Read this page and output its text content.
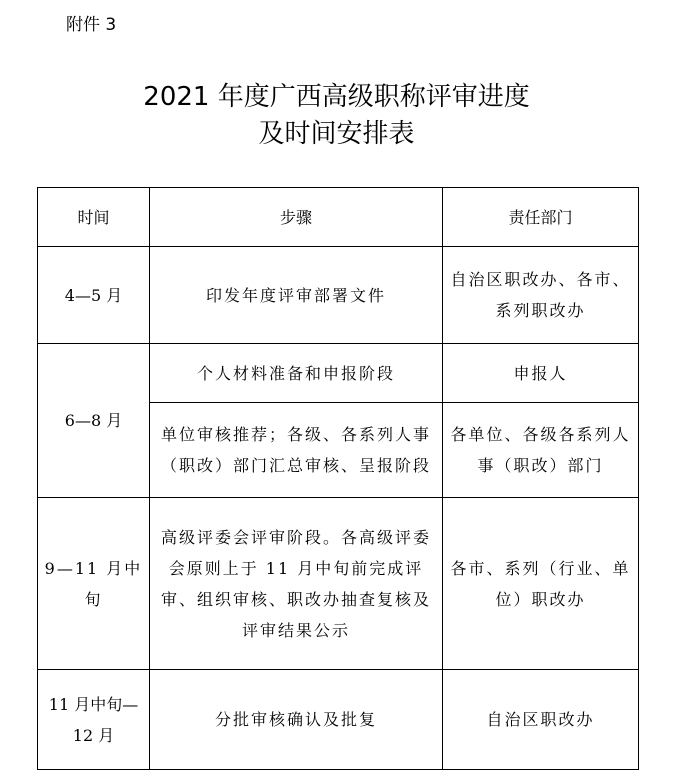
附件 3
2021 年度广西高级职称评审进度
及时间安排表
时间	步骤	责任部门
4—5 月	印发年度评审部署文件	自治区职改办、各市、系列职改办
6—8 月	个人材料准备和申报阶段	申报人
	单位审核推荐；各级、各系列人事（职改）部门汇总审核、呈报阶段	各单位、各级各系列人事（职改）部门
9—11 月中旬	高级评委会评审阶段。各高级评委会原则上于 11 月中旬前完成评审、组织审核、职改办抽查复核及评审结果公示	各市、系列（行业、单位）职改办
11 月中旬—12 月	分批审核确认及批复	自治区职改办
